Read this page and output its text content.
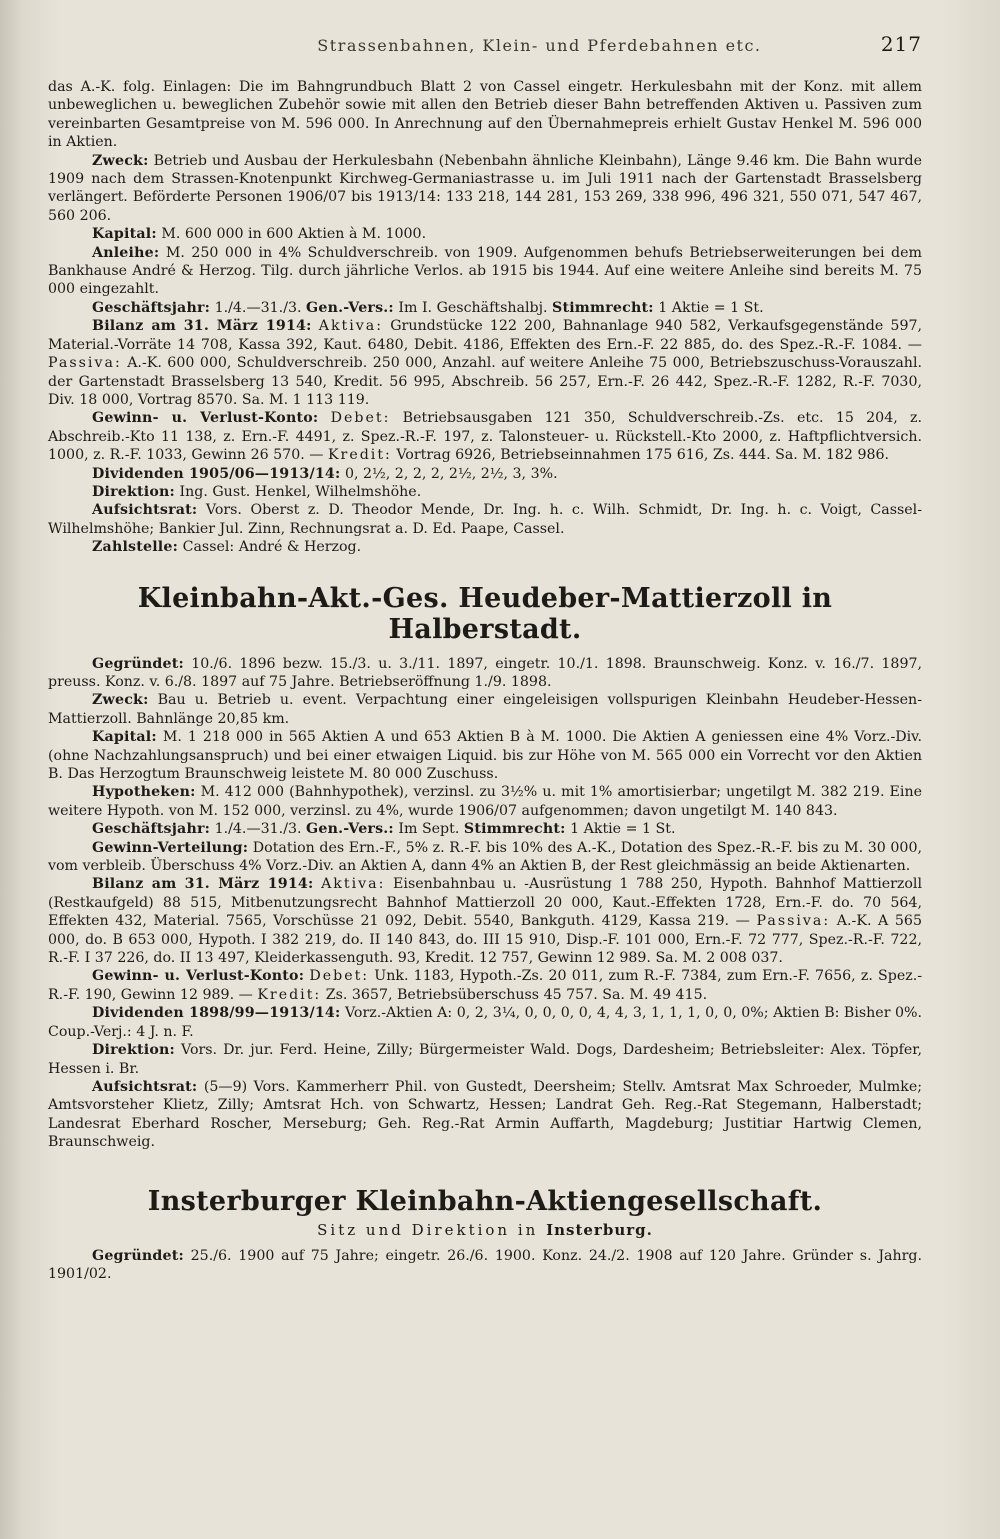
Strassenbahnen, Klein- und Pferdebahnen etc.	217

das A.-K. folg. Einlagen: Die im Bahngrundbuch Blatt 2 von Cassel eingetr. Herkulesbahn mit der Konz. mit allem unbeweglichen u. beweglichen Zubehör sowie mit allen den Betrieb dieser Bahn betreffenden Aktiven u. Passiven zum vereinbarten Gesamtpreise von M. 596 000. In Anrechnung auf den Übernahmepreis erhielt Gustav Henkel M. 596 000 in Aktien.

Zweck: Betrieb und Ausbau der Herkulesbahn (Nebenbahn ähnliche Kleinbahn), Länge 9.46 km. Die Bahn wurde 1909 nach dem Strassen-Knotenpunkt Kirchweg-Germaniastrasse u. im Juli 1911 nach der Gartenstadt Brasselsberg verlängert. Beförderte Personen 1906/07 bis 1913/14: 133 218, 144 281, 153 269, 338 996, 496 321, 550 071, 547 467, 560 206.

Kapital: M. 600 000 in 600 Aktien à M. 1000.

Anleihe: M. 250 000 in 4% Schuldverschreib. von 1909. Aufgenommen behufs Betriebserweiterungen bei dem Bankhause André & Herzog. Tilg. durch jährliche Verlos. ab 1915 bis 1944. Auf eine weitere Anleihe sind bereits M. 75 000 eingezahlt.

Geschäftsjahr: 1./4.—31./3. Gen.-Vers.: Im I. Geschäftshalbj. Stimmrecht: 1 Aktie = 1 St.

Bilanz am 31. März 1914: Aktiva: Grundstücke 122 200, Bahnanlage 940 582, Verkaufsgegenstände 597, Material.-Vorräte 14 708, Kassa 392, Kaut. 6480, Debit. 4186, Effekten des Ern.-F. 22 885, do. des Spez.-R.-F. 1084. — Passiva: A.-K. 600 000, Schuldverschreib. 250 000, Anzahl. auf weitere Anleihe 75 000, Betriebszuschuss-Vorauszahl. der Gartenstadt Brasselsberg 13 540, Kredit. 56 995, Abschreib. 56 257, Ern.-F. 26 442, Spez.-R.-F. 1282, R.-F. 7030, Div. 18 000, Vortrag 8570. Sa. M. 1 113 119.

Gewinn- u. Verlust-Konto: Debet: Betriebsausgaben 121 350, Schuldverschreib.-Zs. etc. 15 204, z. Abschreib.-Kto 11 138, z. Ern.-F. 4491, z. Spez.-R.-F. 197, z. Talonsteuer- u. Rückstell.-Kto 2000, z. Haftpflichtversich. 1000, z. R.-F. 1033, Gewinn 26 570. — Kredit: Vortrag 6926, Betriebseinnahmen 175 616, Zs. 444. Sa. M. 182 986.

Dividenden 1905/06—1913/14: 0, 2½, 2, 2, 2, 2½, 2½, 3, 3%.

Direktion: Ing. Gust. Henkel, Wilhelmshöhe.

Aufsichtsrat: Vors. Oberst z. D. Theodor Mende, Dr. Ing. h. c. Wilh. Schmidt, Dr. Ing. h. c. Voigt, Cassel-Wilhelmshöhe; Bankier Jul. Zinn, Rechnungsrat a. D. Ed. Paape, Cassel.

Zahlstelle: Cassel: André & Herzog.

Kleinbahn-Akt.-Ges. Heudeber-Mattierzoll in Halberstadt.

Gegründet: 10./6. 1896 bezw. 15./3. u. 3./11. 1897, eingetr. 10./1. 1898. Braunschweig. Konz. v. 16./7. 1897, preuss. Konz. v. 6./8. 1897 auf 75 Jahre. Betriebseröffnung 1./9. 1898.

Zweck: Bau u. Betrieb u. event. Verpachtung einer eingeleisigen vollspurigen Kleinbahn Heudeber-Hessen-Mattierzoll. Bahnlänge 20,85 km.

Kapital: M. 1 218 000 in 565 Aktien A und 653 Aktien B à M. 1000. Die Aktien A geniessen eine 4% Vorz.-Div. (ohne Nachzahlungsanspruch) und bei einer etwaigen Liquid. bis zur Höhe von M. 565 000 ein Vorrecht vor den Aktien B. Das Herzogtum Braunschweig leistete M. 80 000 Zuschuss.

Hypotheken: M. 412 000 (Bahnhypothek), verzinsl. zu 3½% u. mit 1% amortisierbar; ungetilgt M. 382 219. Eine weitere Hypoth. von M. 152 000, verzinsl. zu 4%, wurde 1906/07 aufgenommen; davon ungetilgt M. 140 843.

Geschäftsjahr: 1./4.—31./3. Gen.-Vers.: Im Sept. Stimmrecht: 1 Aktie = 1 St.

Gewinn-Verteilung: Dotation des Ern.-F., 5% z. R.-F. bis 10% des A.-K., Dotation des Spez.-R.-F. bis zu M. 30 000, vom verbleib. Überschuss 4% Vorz.-Div. an Aktien A, dann 4% an Aktien B, der Rest gleichmässig an beide Aktienarten.

Bilanz am 31. März 1914: Aktiva: Eisenbahnbau u. -Ausrüstung 1 788 250, Hypoth. Bahnhof Mattierzoll (Restkaufgeld) 88 515, Mitbenutzungsrecht Bahnhof Mattierzoll 20 000, Kaut.-Effekten 1728, Ern.-F. do. 70 564, Effekten 432, Material. 7565, Vorschüsse 21 092, Debit. 5540, Bankguth. 4129, Kassa 219. — Passiva: A.-K. A 565 000, do. B 653 000, Hypoth. I 382 219, do. II 140 843, do. III 15 910, Disp.-F. 101 000, Ern.-F. 72 777, Spez.-R.-F. 722, R.-F. I 37 226, do. II 13 497, Kleiderkassenguth. 93, Kredit. 12 757, Gewinn 12 989. Sa. M. 2 008 037.

Gewinn- u. Verlust-Konto: Debet: Unk. 1183, Hypoth.-Zs. 20 011, zum R.-F. 7384, zum Ern.-F. 7656, z. Spez.-R.-F. 190, Gewinn 12 989. — Kredit: Zs. 3657, Betriebsüberschuss 45 757. Sa. M. 49 415.

Dividenden 1898/99—1913/14: Vorz.-Aktien A: 0, 2, 3¼, 0, 0, 0, 0, 4, 4, 3, 1, 1, 1, 0, 0, 0%; Aktien B: Bisher 0%. Coup.-Verj.: 4 J. n. F.

Direktion: Vors. Dr. jur. Ferd. Heine, Zilly; Bürgermeister Wald. Dogs, Dardesheim; Betriebsleiter: Alex. Töpfer, Hessen i. Br.

Aufsichtsrat: (5—9) Vors. Kammerherr Phil. von Gustedt, Deersheim; Stellv. Amtsrat Max Schroeder, Mulmke; Amtsvorsteher Klietz, Zilly; Amtsrat Hch. von Schwartz, Hessen; Landrat Geh. Reg.-Rat Stegemann, Halberstadt; Landesrat Eberhard Roscher, Merseburg; Geh. Reg.-Rat Armin Auffarth, Magdeburg; Justitiar Hartwig Clemen, Braunschweig.

Insterburger Kleinbahn-Aktiengesellschaft.
Sitz und Direktion in Insterburg.

Gegründet: 25./6. 1900 auf 75 Jahre; eingetr. 26./6. 1900. Konz. 24./2. 1908 auf 120 Jahre. Gründer s. Jahrg. 1901/02.
